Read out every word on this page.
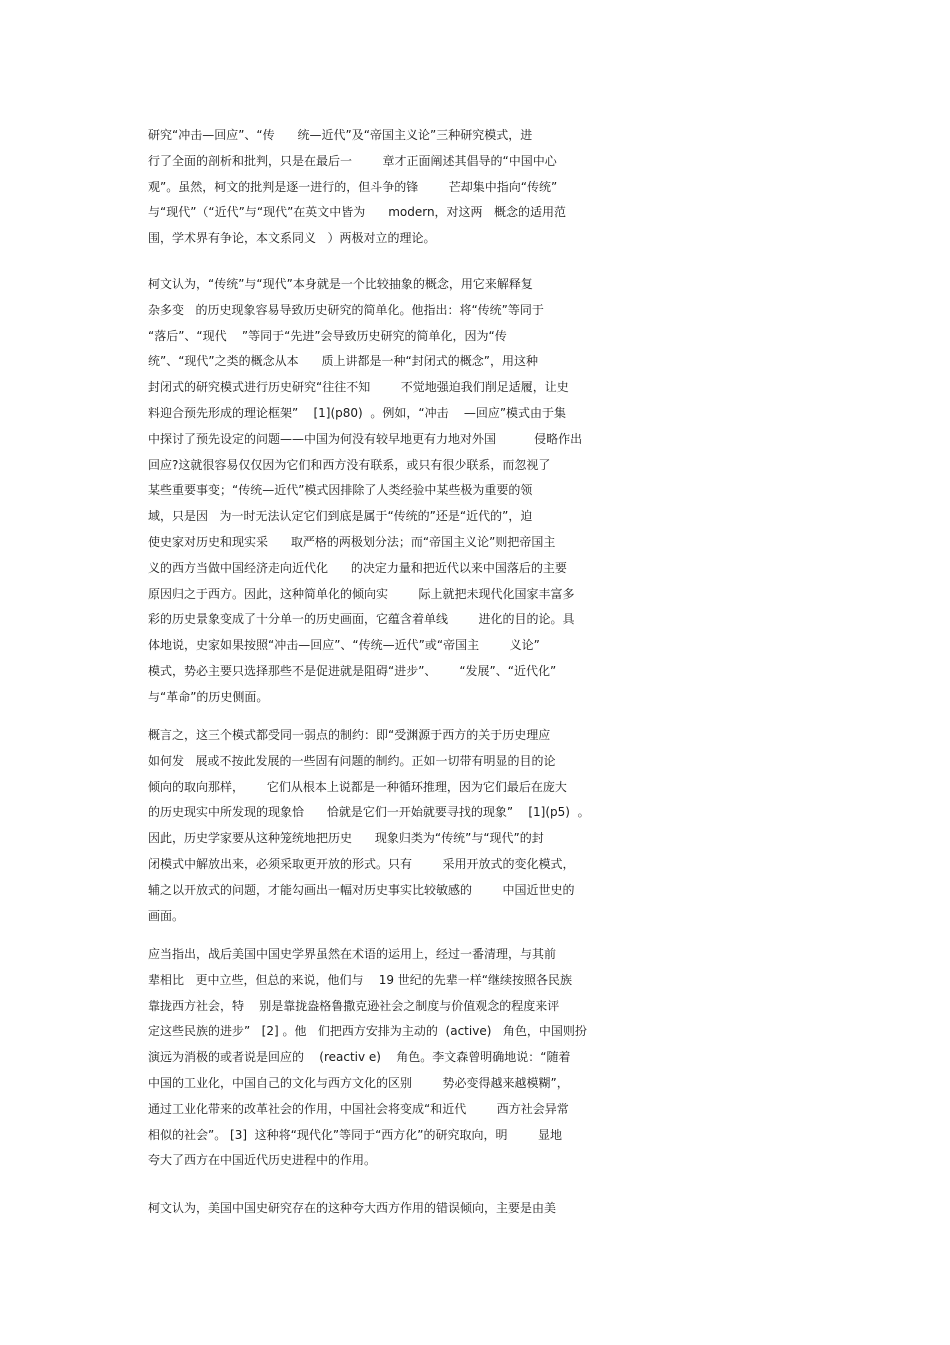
研究“冲击—回应”、“传      统—近代”及“帝国主义论”三种研究模式，进
行了全面的剖析和批判，只是在最后一        章才正面阐述其倡导的“中国中心
观”。虽然，柯文的批判是逐一进行的，但斗争的锋        芒却集中指向“传统”
与“现代”（“近代”与“现代”在英文中皆为      modern，对这两   概念的适用范
围，学术界有争论，本文系同义   ）两极对立的理论。
柯文认为，“传统”与“现代”本身就是一个比较抽象的概念，用它来解释复
杂多变   的历史现象容易导致历史研究的简单化。他指出：将“传统”等同于
“落后”、“现代    ”等同于“先进”会导致历史研究的简单化，因为“传
统”、“现代”之类的概念从本      质上讲都是一种“封闭式的概念”，用这种
封闭式的研究模式进行历史研究“往往不知        不觉地强迫我们削足适履，让史
料迎合预先形成的理论框架”    [1](p80)  。例如，“冲击    —回应”模式由于集
中探讨了预先设定的问题——中国为何没有较早地更有力地对外国          侵略作出
回应?这就很容易仅仅因为它们和西方没有联系，或只有很少联系，而忽视了
某些重要事变；“传统—近代”模式因排除了人类经验中某些极为重要的领
域，只是因   为一时无法认定它们到底是属于“传统的”还是“近代的”，迫
使史家对历史和现实采      取严格的两极划分法；而“帝国主义论”则把帝国主
义的西方当做中国经济走向近代化      的决定力量和把近代以来中国落后的主要
原因归之于西方。因此，这种简单化的倾向实        际上就把未现代化国家丰富多
彩的历史景象变成了十分单一的历史画面，它蕴含着单线        进化的目的论。具
体地说，史家如果按照“冲击—回应”、“传统—近代”或“帝国主        义论”
模式，势必主要只选择那些不是促进就是阻碍“进步”、      “发展”、“近代化”
与“革命”的历史侧面。
概言之，这三个模式都受同一弱点的制约：即“受渊源于西方的关于历史理应
如何发   展或不按此发展的一些固有问题的制约。正如一切带有明显的目的论
倾向的取向那样，      它们从根本上说都是一种循环推理，因为它们最后在庞大
的历史现实中所发现的现象恰      恰就是它们一开始就要寻找的现象”    [1](p5)  。
因此，历史学家要从这种笼统地把历史      现象归类为“传统”与“现代”的封
闭模式中解放出来，必须采取更开放的形式。只有        采用开放式的变化模式，
辅之以开放式的问题，才能勾画出一幅对历史事实比较敏感的        中国近世史的
画面。
应当指出，战后美国中国史学界虽然在术语的运用上，经过一番清理，与其前
辈相比   更中立些，但总的来说，他们与    19 世纪的先辈一样“继续按照各民族
靠拢西方社会，特    别是靠拢盎格鲁撒克逊社会之制度与价值观念的程度来评
定这些民族的进步”   [2] 。他   们把西方安排为主动的  (active)   角色，中国则扮
演远为消极的或者说是回应的    (reactiv e)    角色。李文森曾明确地说：“随着
中国的工业化，中国自己的文化与西方文化的区别        势必变得越来越模糊”，
通过工业化带来的改革社会的作用，中国社会将变成“和近代        西方社会异常
相似的社会”。 [3]  这种将“现代化”等同于“西方化”的研究取向，明        显地
夸大了西方在中国近代历史进程中的作用。
柯文认为，美国中国史研究存在的这种夸大西方作用的错误倾向，主要是由美
